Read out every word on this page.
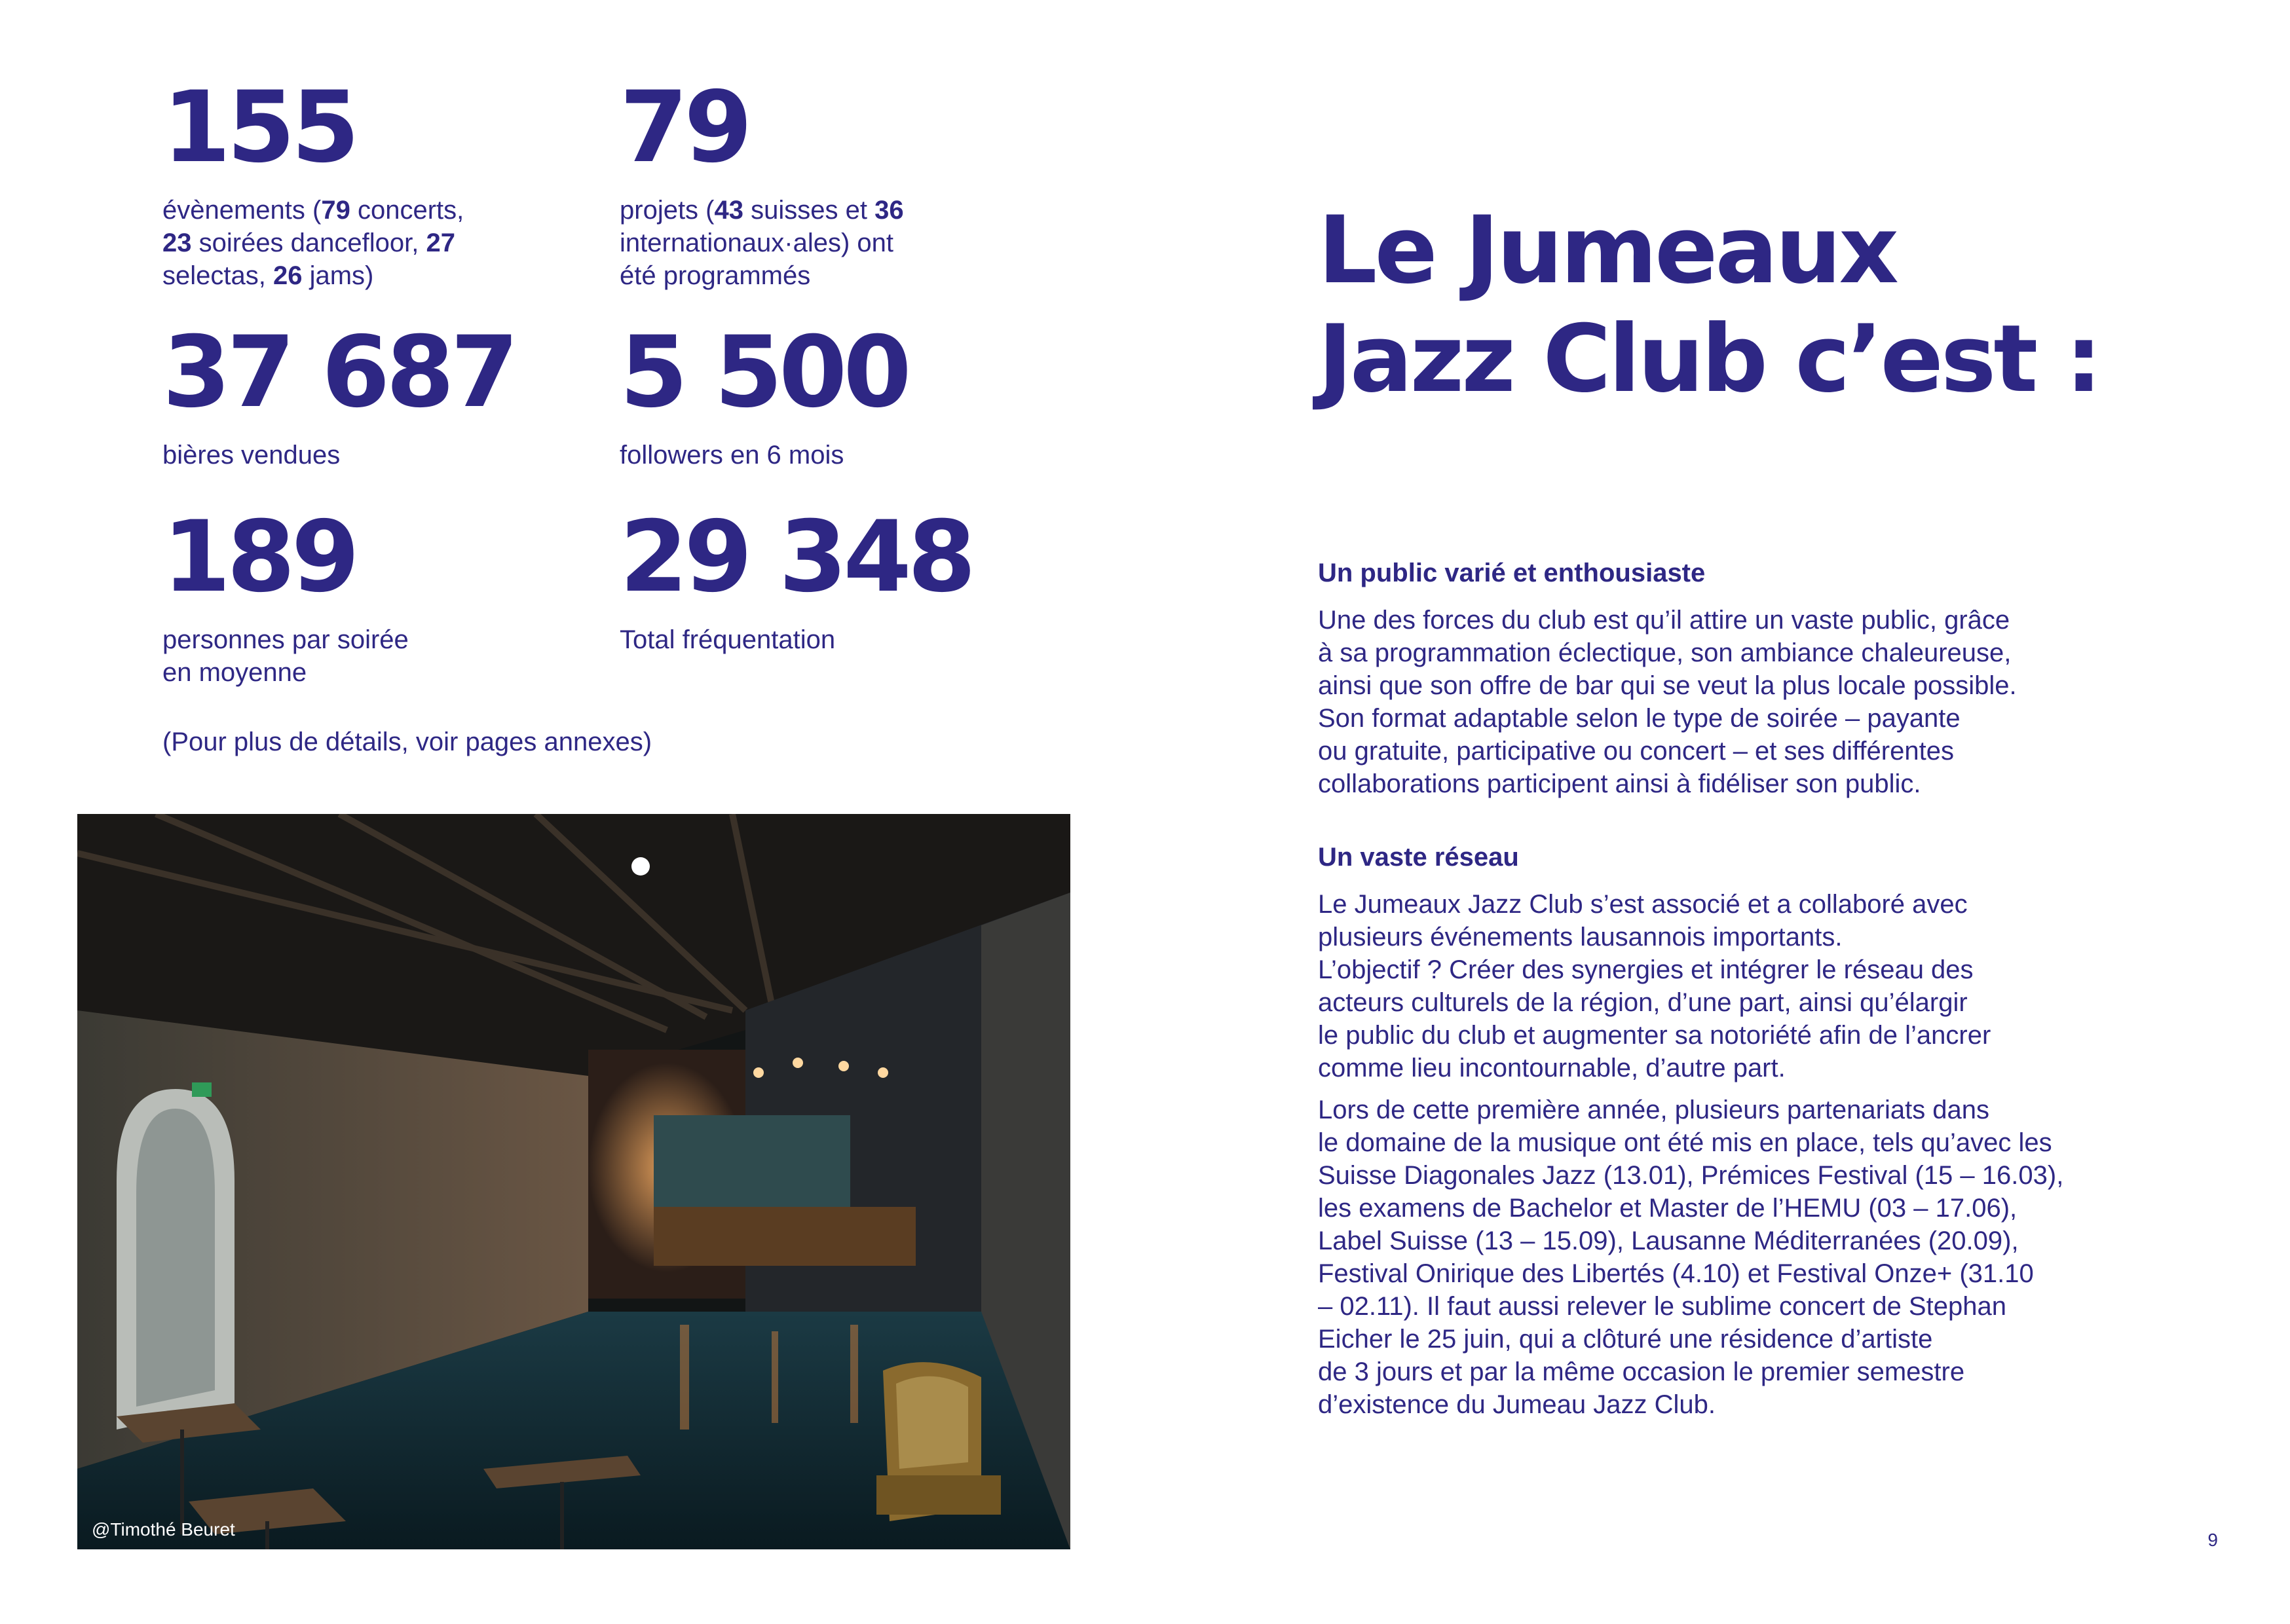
155
évènements (79 concerts,
23 soirées dancefloor, 27
selectas, 26 jams)
79
projets (43 suisses et 36
internationaux·ales) ont
été programmés
37 687
bières vendues
5 500
followers en 6 mois
189
personnes par soirée
en moyenne
29 348
Total fréquentation
(Pour plus de détails, voir pages annexes)
@Timothé Beuret
Le Jumeaux
Jazz Club c’est :
Un public varié et enthousiaste

Une des forces du club est qu’il attire un vaste public, grâce
à sa programmation éclectique, son ambiance chaleureuse,
ainsi que son offre de bar qui se veut la plus locale possible.
Son format adaptable selon le type de soirée – payante
ou gratuite, participative ou concert – et ses différentes
collaborations participent ainsi à fidéliser son public.

Un vaste réseau

Le Jumeaux Jazz Club s’est associé et a collaboré avec
plusieurs événements lausannois importants.
L’objectif ? Créer des synergies et intégrer le réseau des
acteurs culturels de la région, d’une part, ainsi qu’élargir
le public du club et augmenter sa notoriété afin de l’ancrer
comme lieu incontournable, d’autre part.

Lors de cette première année, plusieurs partenariats dans
le domaine de la musique ont été mis en place, tels qu’avec les
Suisse Diagonales Jazz (13.01), Prémices Festival (15 – 16.03),
les examens de Bachelor et Master de l’HEMU (03 – 17.06),
Label Suisse (13 – 15.09), Lausanne Méditerranées (20.09),
Festival Onirique des Libertés (4.10) et Festival Onze+ (31.10
– 02.11). Il faut aussi relever le sublime concert de Stephan
Eicher le 25 juin, qui a clôturé une résidence d’artiste
de 3 jours et par la même occasion le premier semestre
d’existence du Jumeau Jazz Club.

9
